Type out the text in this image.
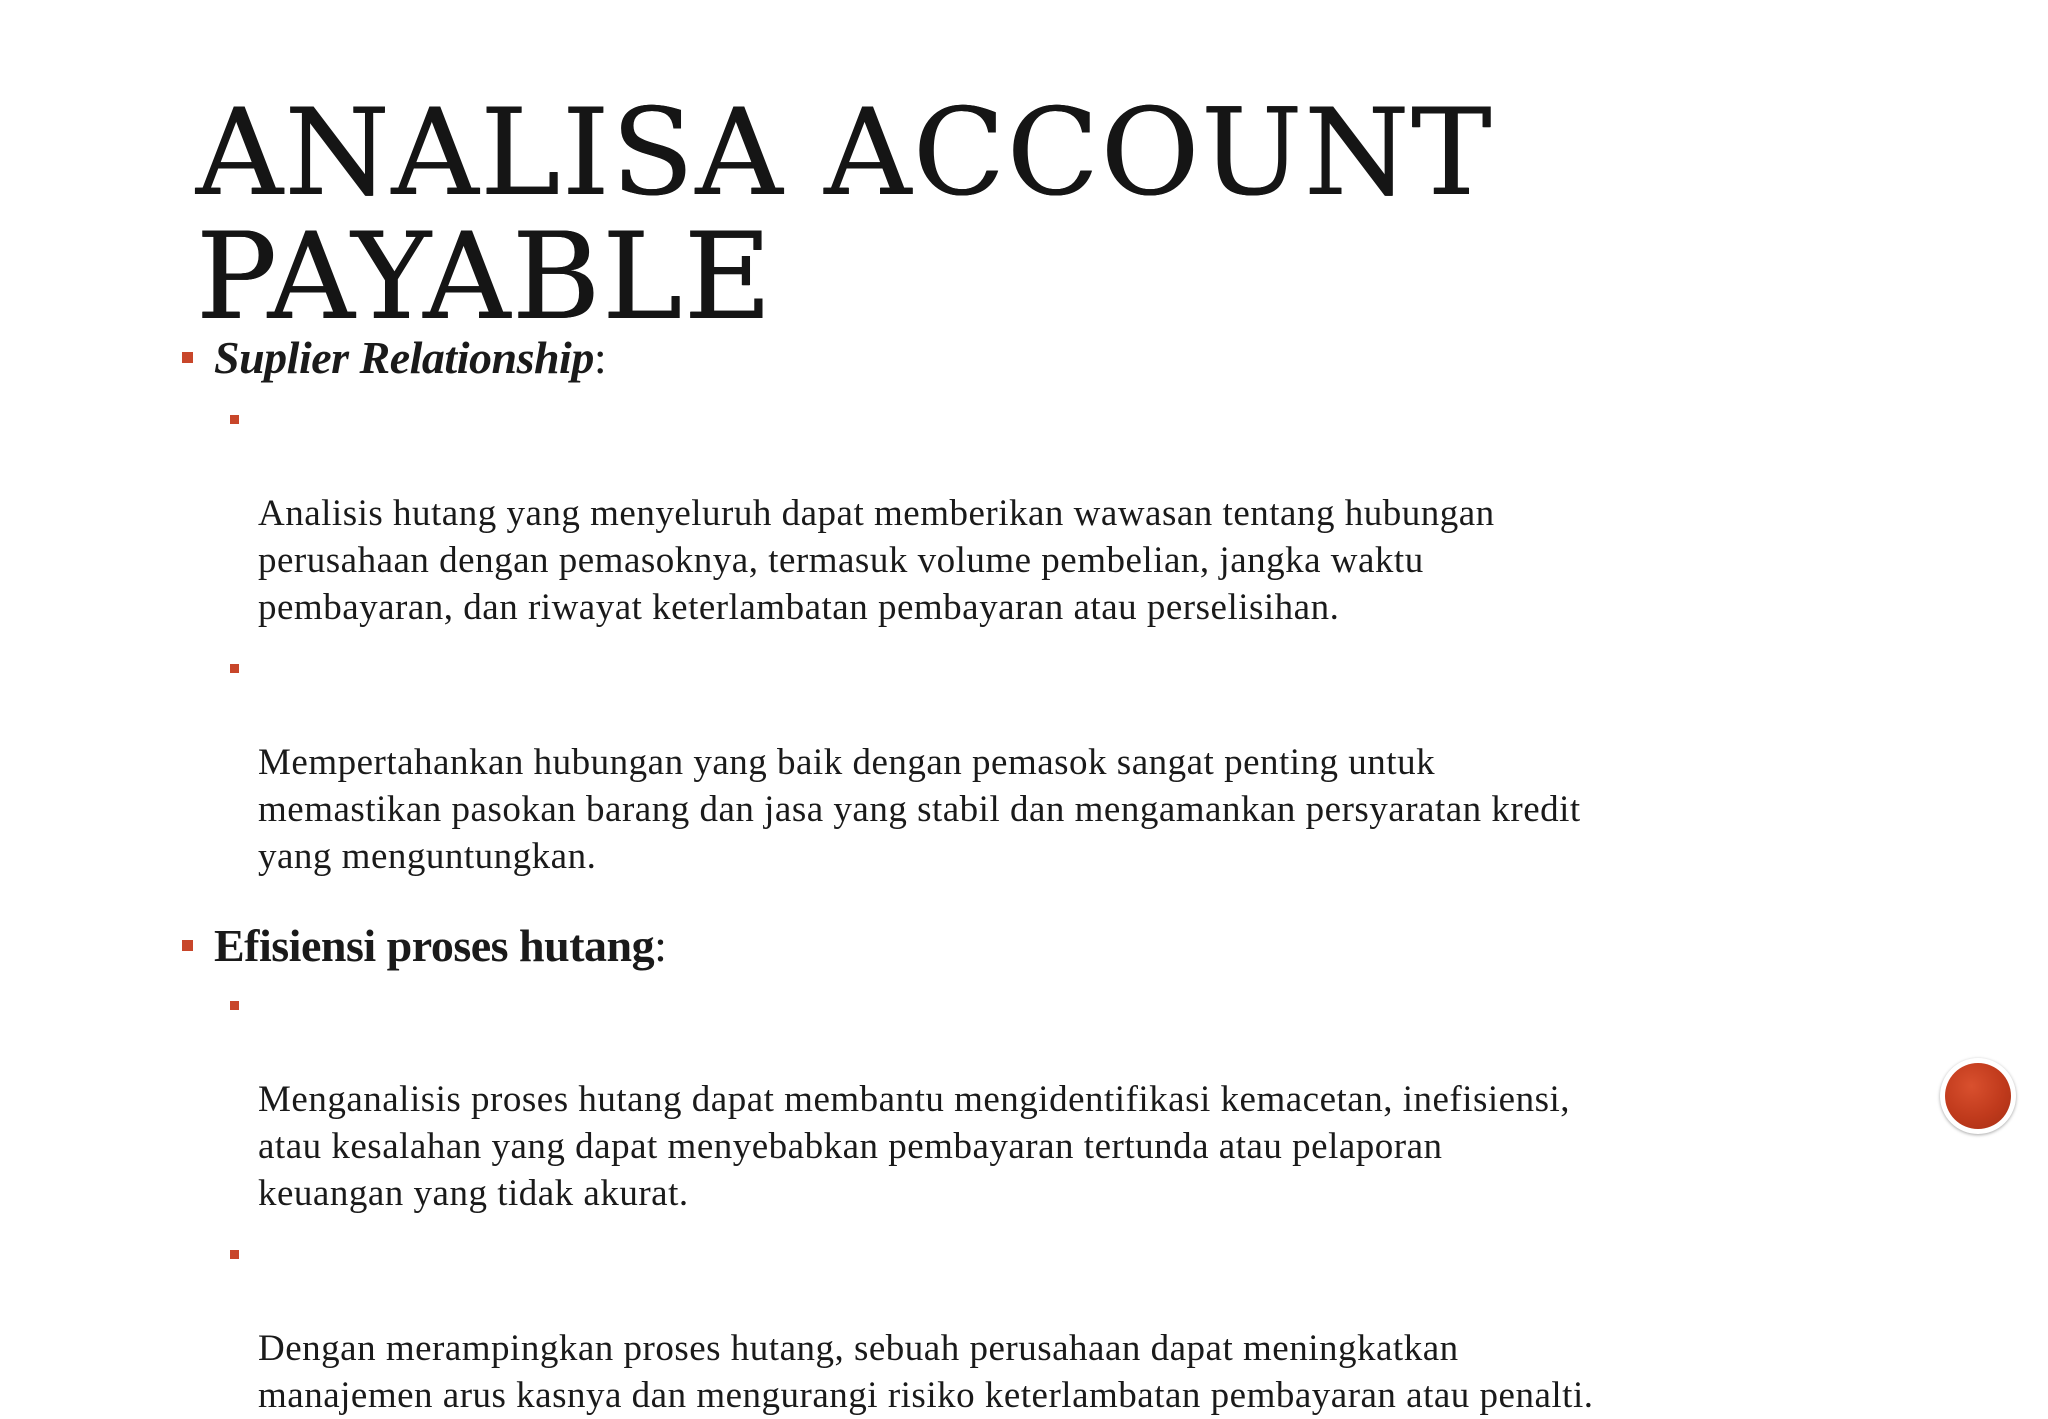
ANALISA ACCOUNT
PAYABLE
Suplier Relationship:

Analisis hutang yang menyeluruh dapat memberikan wawasan tentang hubungan
perusahaan dengan pemasoknya, termasuk volume pembelian, jangka waktu
pembayaran, dan riwayat keterlambatan pembayaran atau perselisihan.

Mempertahankan hubungan yang baik dengan pemasok sangat penting untuk
memastikan pasokan barang dan jasa yang stabil dan mengamankan persyaratan kredit
yang menguntungkan.

Efisiensi proses hutang:

Menganalisis proses hutang dapat membantu mengidentifikasi kemacetan, inefisiensi,
atau kesalahan yang dapat menyebabkan pembayaran tertunda atau pelaporan
keuangan yang tidak akurat.

Dengan merampingkan proses hutang, sebuah perusahaan dapat meningkatkan
manajemen arus kasnya dan mengurangi risiko keterlambatan pembayaran atau penalti.
